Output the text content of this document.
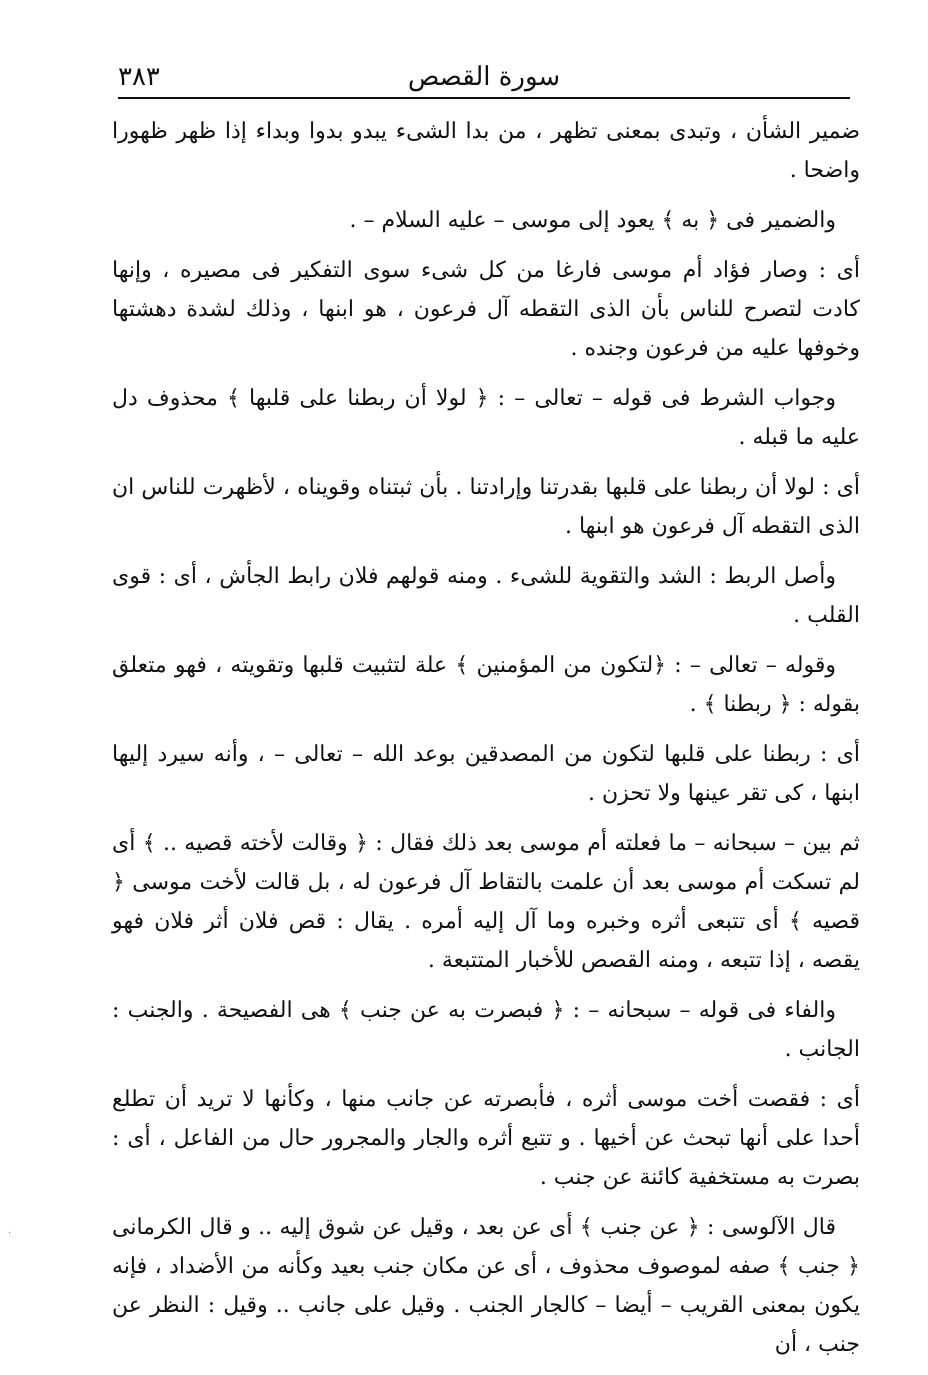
سورة القصص
٣٨٣

ضمير الشأن ، وتبدى بمعنى تظهر ، من بدا الشىء يبدو بدوا وبداء إذا ظهر ظهورا واضحا .

والضمير فى ﴿ به ﴾ يعود إلى موسى – عليه السلام – .

أى : وصار فؤاد أم موسى فارغا من كل شىء سوى التفكير فى مصيره ، وإنها كادت لتصرح للناس بأن الذى التقطه آل فرعون ، هو ابنها ، وذلك لشدة دهشتها وخوفها عليه من فرعون وجنده .

وجواب الشرط فى قوله – تعالى – : ﴿ لولا أن ربطنا على قلبها ﴾ محذوف دل عليه ما قبله .

أى : لولا أن ربطنا على قلبها بقدرتنا وإرادتنا . بأن ثبتناه وقويناه ، لأظهرت للناس ان الذى التقطه آل فرعون هو ابنها .

وأصل الربط : الشد والتقوية للشىء . ومنه قولهم فلان رابط الجأش ، أى : قوى القلب .

وقوله – تعالى – : ﴿لتكون من المؤمنين ﴾ علة لتثبيت قلبها وتقويته ، فهو متعلق بقوله : ﴿ ربطنا ﴾ .

أى : ربطنا على قلبها لتكون من المصدقين بوعد الله – تعالى – ، وأنه سيرد إليها ابنها ، كى تقر عينها ولا تحزن .

ثم بين – سبحانه – ما فعلته أم موسى بعد ذلك فقال : ﴿ وقالت لأخته قصيه .. ﴾ أى لم تسكت أم موسى بعد أن علمت بالتقاط آل فرعون له ، بل قالت لأخت موسى ﴿ قصيه ﴾ أى تتبعى أثره وخبره وما آل إليه أمره . يقال : قص فلان أثر فلان فهو يقصه ، إذا تتبعه ، ومنه القصص للأخبار المتتبعة .

والفاء فى قوله – سبحانه – : ﴿ فبصرت به عن جنب ﴾ هى الفصيحة . والجنب : الجانب .

أى : فقصت أخت موسى أثره ، فأبصرته عن جانب منها ، وكأنها لا تريد أن تطلع أحدا على أنها تبحث عن أخيها . و تتبع أثره والجار والمجرور حال من الفاعل ، أى : بصرت به مستخفية كائنة عن جنب .

قال الآلوسى : ﴿ عن جنب ﴾ أى عن بعد ، وقيل عن شوق إليه .. و قال الكرمانى ﴿ جنب ﴾ صفه لموصوف محذوف ، أى عن مكان جنب بعيد وكأنه من الأضداد ، فإنه يكون بمعنى القريب – أيضا – كالجار الجنب . وقيل على جانب .. وقيل : النظر عن جنب ، أن

·
